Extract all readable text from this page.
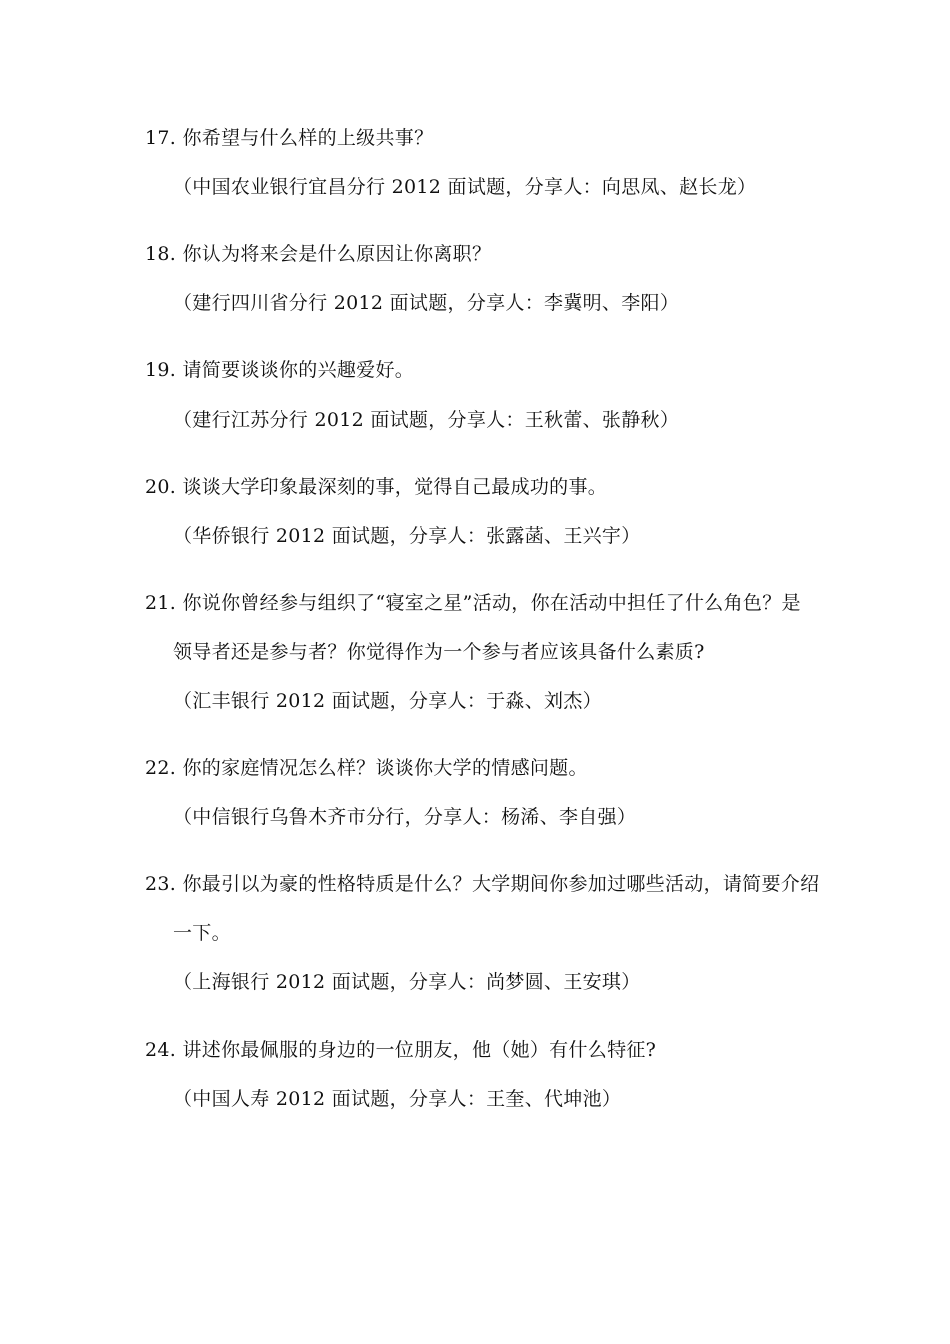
17. 你希望与什么样的上级共事？
（中国农业银行宜昌分行 2012 面试题，分享人：向思凤、赵长龙）
18. 你认为将来会是什么原因让你离职？
（建行四川省分行 2012 面试题，分享人：李冀明、李阳）
19. 请简要谈谈你的兴趣爱好。
（建行江苏分行 2012 面试题，分享人：王秋蕾、张静秋）
20. 谈谈大学印象最深刻的事，觉得自己最成功的事。
（华侨银行 2012 面试题，分享人：张露菡、王兴宇）
21. 你说你曾经参与组织了“寝室之星”活动，你在活动中担任了什么角色？是
领导者还是参与者？你觉得作为一个参与者应该具备什么素质?
（汇丰银行 2012 面试题，分享人：于淼、刘杰）
22. 你的家庭情况怎么样？谈谈你大学的情感问题。
（中信银行乌鲁木齐市分行，分享人：杨浠、李自强）
23. 你最引以为豪的性格特质是什么？大学期间你参加过哪些活动，请简要介绍
一下。
（上海银行 2012 面试题，分享人：尚梦圆、王安琪）
24. 讲述你最佩服的身边的一位朋友，他（她）有什么特征?
（中国人寿 2012 面试题，分享人：王奎、代坤池）
